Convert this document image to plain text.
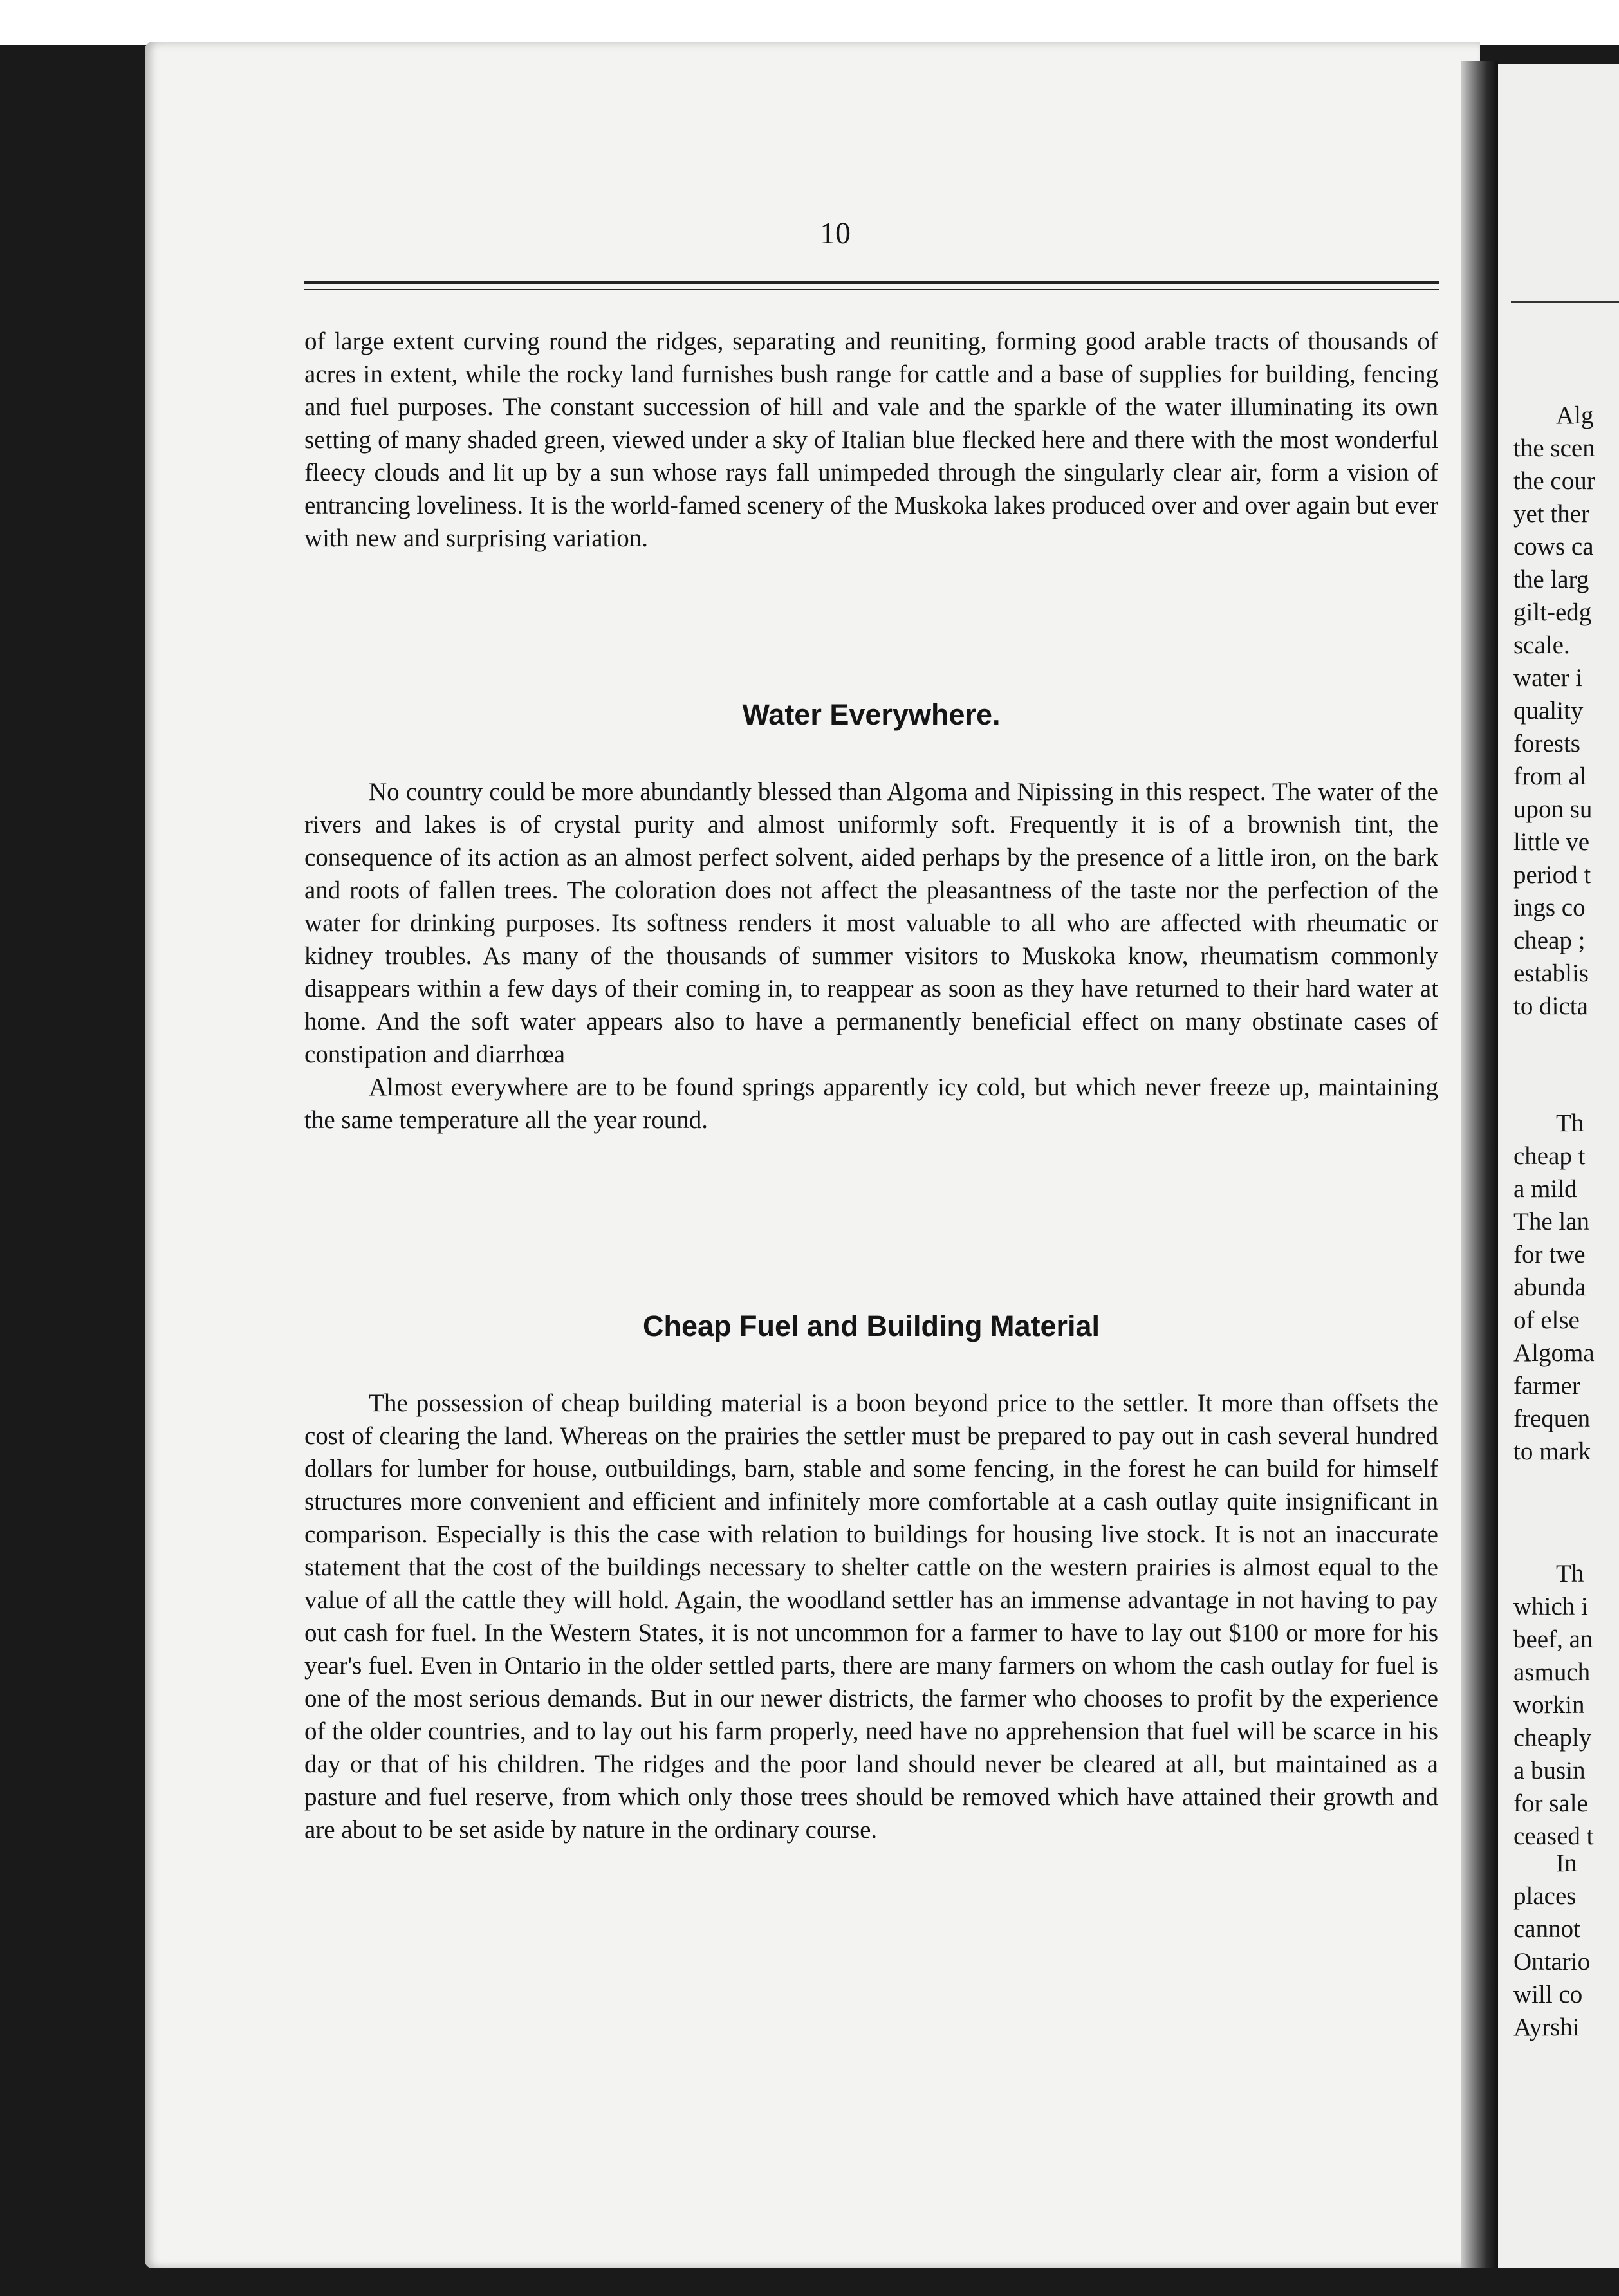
Alg
the scen
the cour
yet ther
cows ca
the larg
gilt-edg
scale.
water i
quality
forests
from al
upon su
little ve
period t
ings co
cheap ;
establis
to dicta
Th
cheap t
a mild
The lan
for twe
abunda
of else
Algoma
farmer
frequen
to mark
Th
which i
beef, an
asmuch
workin
cheaply
a busin
for sale
ceased t
In
places
cannot
Ontario
will co
Ayrshi
10

of large extent curving round the ridges, separating and reuniting, forming good arable tracts of thousands of acres in extent, while the rocky land furnishes bush range for cattle and a base of supplies for building, fencing and fuel purposes. The constant succession of hill and vale and the sparkle of the water illuminating its own setting of many shaded green, viewed under a sky of Italian blue flecked here and there with the most wonderful fleecy clouds and lit up by a sun whose rays fall unimpeded through the singularly clear air, form a vision of entrancing loveliness. It is the world-famed scenery of the Muskoka lakes produced over and over again but ever with new and surprising variation.

Water Everywhere.

No country could be more abundantly blessed than Algoma and Nipissing in this respect. The water of the rivers and lakes is of crystal purity and almost uniformly soft. Frequently it is of a brownish tint, the consequence of its action as an almost perfect solvent, aided perhaps by the presence of a little iron, on the bark and roots of fallen trees. The coloration does not affect the pleasantness of the taste nor the perfection of the water for drinking purposes. Its softness renders it most valuable to all who are affected with rheumatic or kidney troubles. As many of the thousands of summer visitors to Muskoka know, rheumatism commonly disappears within a few days of their coming in, to reappear as soon as they have returned to their hard water at home. And the soft water appears also to have a permanently beneficial effect on many obstinate cases of constipation and diarrhœa

Almost everywhere are to be found springs apparently icy cold, but which never freeze up, maintaining the same temperature all the year round.

Cheap Fuel and Building Material

The possession of cheap building material is a boon beyond price to the settler. It more than offsets the cost of clearing the land. Whereas on the prairies the settler must be prepared to pay out in cash several hundred dollars for lumber for house, outbuildings, barn, stable and some fencing, in the forest he can build for himself structures more convenient and efficient and infinitely more comfortable at a cash outlay quite insignificant in comparison. Especially is this the case with relation to buildings for housing live stock. It is not an inaccurate statement that the cost of the buildings necessary to shelter cattle on the western prairies is almost equal to the value of all the cattle they will hold. Again, the woodland settler has an immense advantage in not having to pay out cash for fuel. In the Western States, it is not uncommon for a farmer to have to lay out $100 or more for his year's fuel. Even in Ontario in the older settled parts, there are many farmers on whom the cash outlay for fuel is one of the most serious demands. But in our newer districts, the farmer who chooses to profit by the experience of the older countries, and to lay out his farm properly, need have no apprehension that fuel will be scarce in his day or that of his children. The ridges and the poor land should never be cleared at all, but maintained as a pasture and fuel reserve, from which only those trees should be removed which have attained their growth and are about to be set aside by nature in the ordinary course.
